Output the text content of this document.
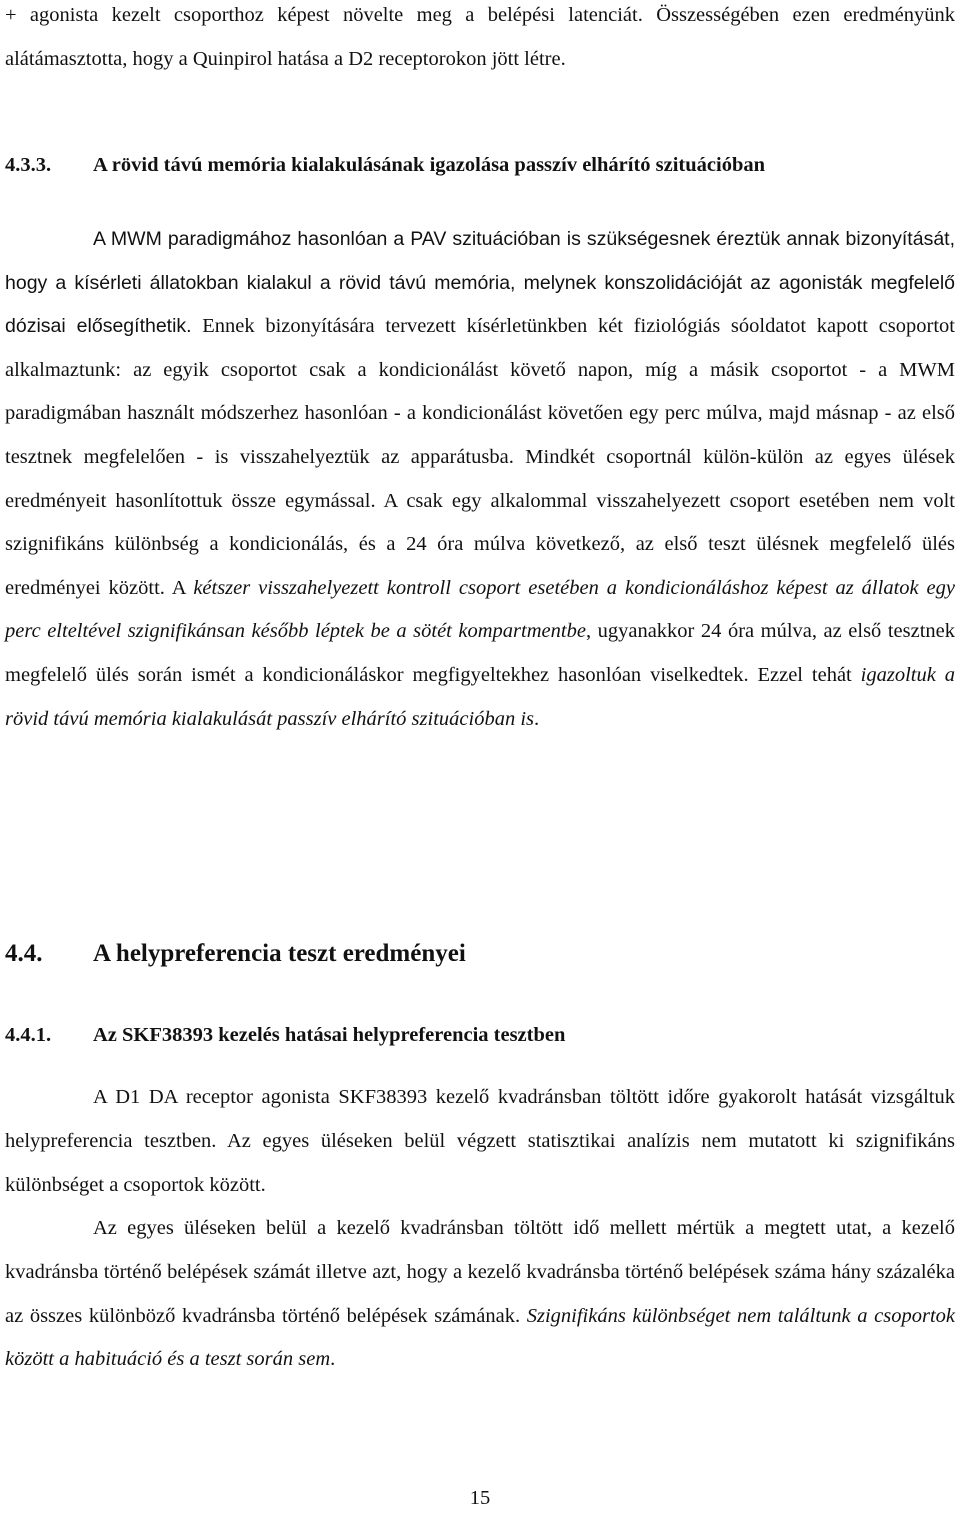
+ agonista kezelt csoporthoz képest növelte meg a belépési latenciát. Összességében ezen eredményünk alátámasztotta, hogy a Quinpirol hatása a D2 receptorokon jött létre.

4.3.3. A rövid távú memória kialakulásának igazolása passzív elhárító szituációban

A MWM paradigmához hasonlóan a PAV szituációban is szükségesnek éreztük annak bizonyítását, hogy a kísérleti állatokban kialakul a rövid távú memória, melynek konszolidációját az agonisták megfelelő dózisai elősegíthetik. Ennek bizonyítására tervezett kísérletünkben két fiziológiás sóoldatot kapott csoportot alkalmaztunk: az egyik csoportot csak a kondicionálást követő napon, míg a másik csoportot - a MWM paradigmában használt módszerhez hasonlóan - a kondicionálást követően egy perc múlva, majd másnap - az első tesztnek megfelelően - is visszahelyeztük az apparátusba. Mindkét csoportnál külön-külön az egyes ülések eredményeit hasonlítottuk össze egymással. A csak egy alkalommal visszahelyezett csoport esetében nem volt szignifikáns különbség a kondicionálás, és a 24 óra múlva következő, az első teszt ülésnek megfelelő ülés eredményei között. A kétszer visszahelyezett kontroll csoport esetében a kondicionáláshoz képest az állatok egy perc elteltével szignifikánsan később léptek be a sötét kompartmentbe, ugyanakkor 24 óra múlva, az első tesztnek megfelelő ülés során ismét a kondicionáláskor megfigyeltekhez hasonlóan viselkedtek. Ezzel tehát igazoltuk a rövid távú memória kialakulását passzív elhárító szituációban is.

4.4. A helypreferencia teszt eredményei
4.4.1. Az SKF38393 kezelés hatásai helypreferencia tesztben

A D1 DA receptor agonista SKF38393 kezelő kvadránsban töltött időre gyakorolt hatását vizsgáltuk helypreferencia tesztben. Az egyes üléseken belül végzett statisztikai analízis nem mutatott ki szignifikáns különbséget a csoportok között.

Az egyes üléseken belül a kezelő kvadránsban töltött idő mellett mértük a megtett utat, a kezelő kvadránsba történő belépések számát illetve azt, hogy a kezelő kvadránsba történő belépések száma hány százaléka az összes különböző kvadránsba történő belépések számának. Szignifikáns különbséget nem találtunk a csoportok között a habituáció és a teszt során sem.

15
